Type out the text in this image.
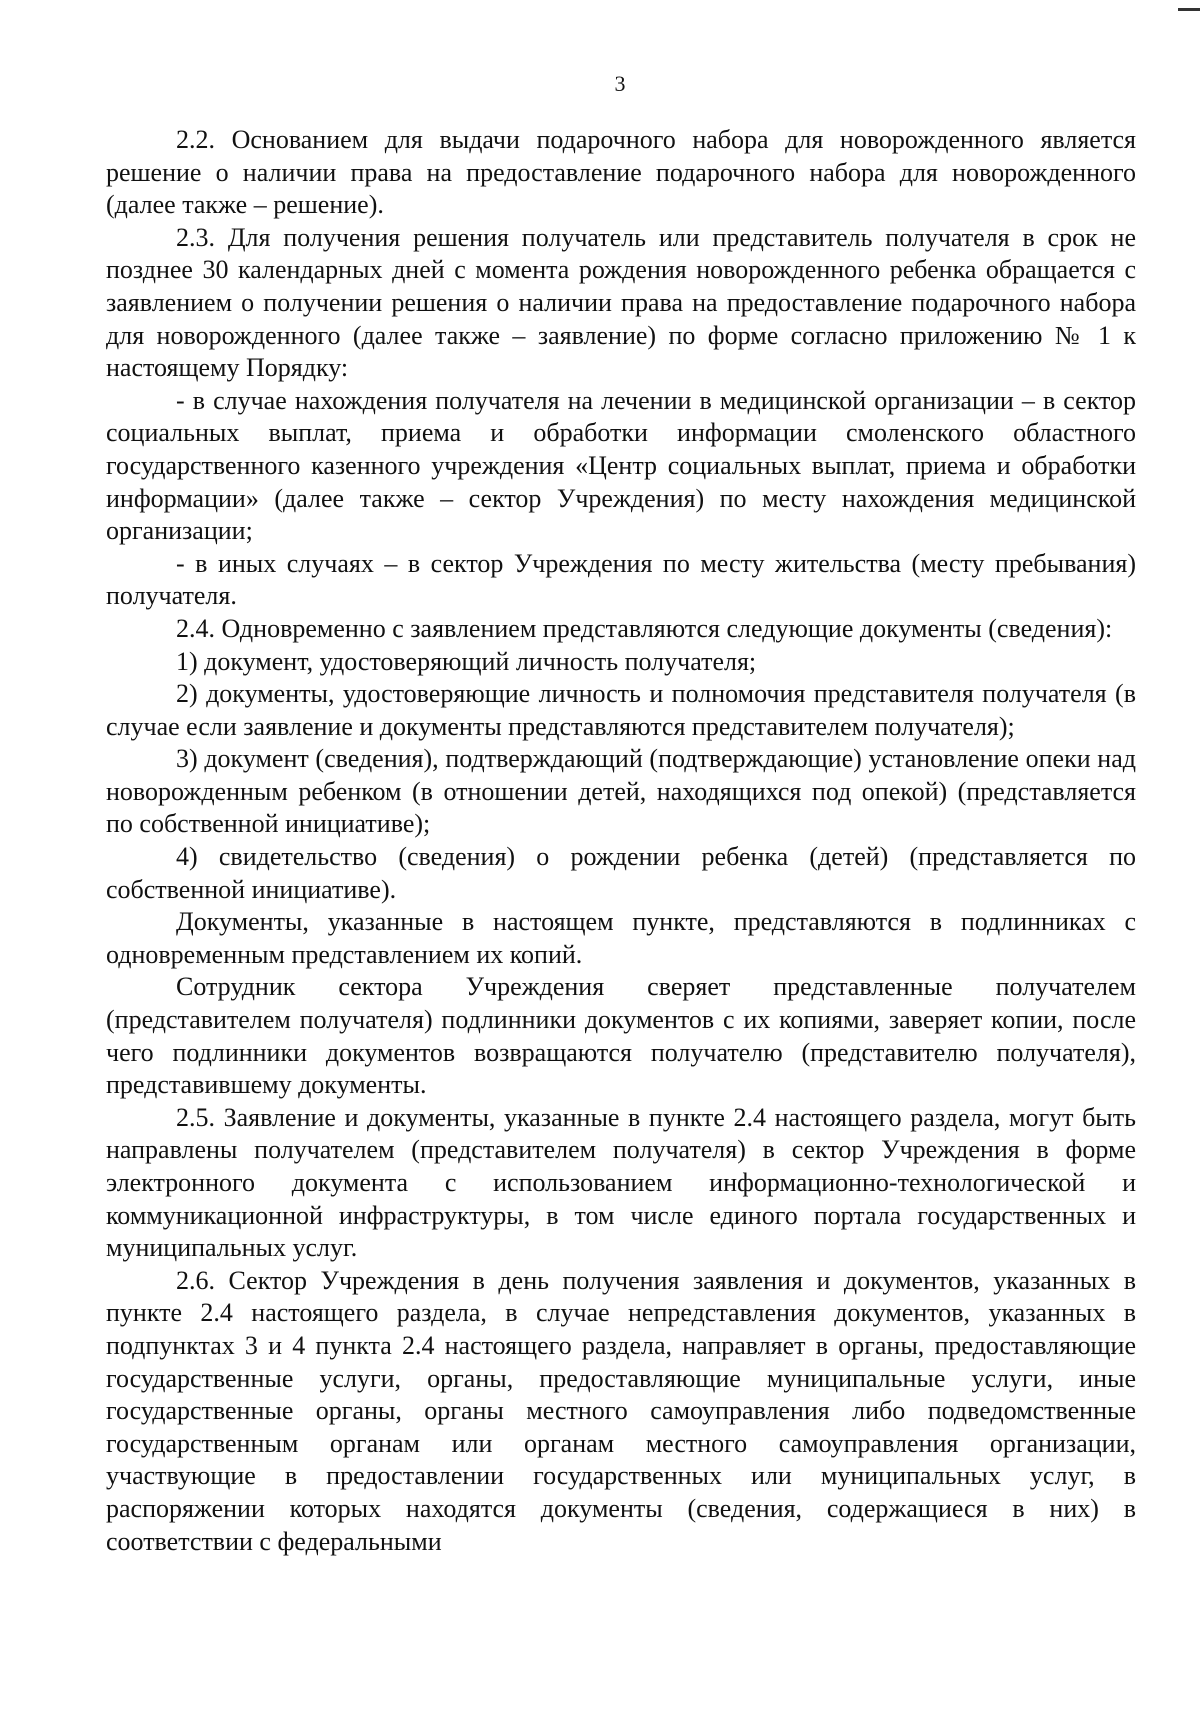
3

2.2. Основанием для выдачи подарочного набора для новорожденного является решение о наличии права на предоставление подарочного набора для новорожденного (далее также – решение).

2.3. Для получения решения получатель или представитель получателя в срок не позднее 30 календарных дней с момента рождения новорожденного ребенка обращается с заявлением о получении решения о наличии права на предоставление подарочного набора для новорожденного (далее также – заявление) по форме согласно приложению № 1 к настоящему Порядку:

- в случае нахождения получателя на лечении в медицинской организации – в сектор социальных выплат, приема и обработки информации смоленского областного государственного казенного учреждения «Центр социальных выплат, приема и обработки информации» (далее также – сектор Учреждения) по месту нахождения медицинской организации;

- в иных случаях – в сектор Учреждения по месту жительства (месту пребывания) получателя.

2.4. Одновременно с заявлением представляются следующие документы (сведения):

1) документ, удостоверяющий личность получателя;

2) документы, удостоверяющие личность и полномочия представителя получателя (в случае если заявление и документы представляются представителем получателя);

3) документ (сведения), подтверждающий (подтверждающие) установление опеки над новорожденным ребенком (в отношении детей, находящихся под опекой) (представляется по собственной инициативе);

4) свидетельство (сведения) о рождении ребенка (детей) (представляется по собственной инициативе).

Документы, указанные в настоящем пункте, представляются в подлинниках с одновременным представлением их копий.

Сотрудник сектора Учреждения сверяет представленные получателем (представителем получателя) подлинники документов с их копиями, заверяет копии, после чего подлинники документов возвращаются получателю (представителю получателя), представившему документы.

2.5. Заявление и документы, указанные в пункте 2.4 настоящего раздела, могут быть направлены получателем (представителем получателя) в сектор Учреждения в форме электронного документа с использованием информационно-технологической и коммуникационной инфраструктуры, в том числе единого портала государственных и муниципальных услуг.

2.6. Сектор Учреждения в день получения заявления и документов, указанных в пункте 2.4 настоящего раздела, в случае непредставления документов, указанных в подпунктах 3 и 4 пункта 2.4 настоящего раздела, направляет в органы, предоставляющие государственные услуги, органы, предоставляющие муниципальные услуги, иные государственные органы, органы местного самоуправления либо подведомственные государственным органам или органам местного самоуправления организации, участвующие в предоставлении государственных или муниципальных услуг, в распоряжении которых находятся документы (сведения, содержащиеся в них) в соответствии с федеральными
